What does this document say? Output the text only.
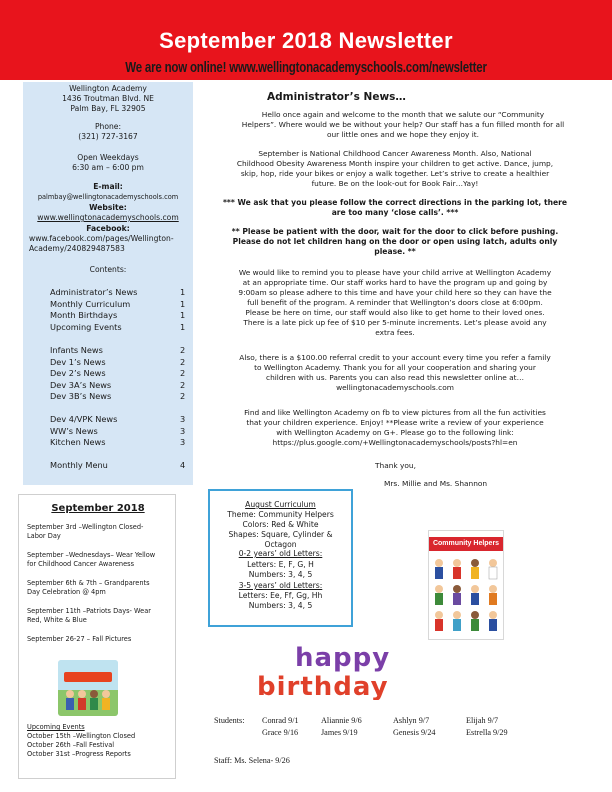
September 2018 Newsletter
We are now online! www.wellingtonacademyschools.com/newsletter
Wellington Academy
1436 Troutman Blvd. NE
Palm Bay, FL 32905
Phone:
(321) 727-3167
Open Weekdays
6:30 am – 6:00 pm
E-mail:
palmbay@wellingtonacademyschools.com
Website:
www.wellingtonacademyschools.com
Facebook:
www.facebook.com/pages/Wellington-
Academy/240829487583
Contents:
Administrator’s News	1
Monthly Curriculum	1
Month Birthdays	1
Upcoming Events	1
Infants News	2
Dev 1’s News	2
Dev 2’s News	2
Dev 3A’s News	2
Dev 3B’s News	2
Dev 4/VPK News	3
WW’s News	3
Kitchen News	3
Monthly Menu	4
September 2018
September 3rd –Wellington Closed-
Labor Day
September –Wednesdays– Wear Yellow
for Childhood Cancer Awareness
September 6th & 7th – Grandparents
Day Celebration @ 4pm
September 11th –Patriots Days- Wear
Red, White & Blue
September 26-27 – Fall Pictures
Upcoming Events
October 15th –Wellington Closed
October 26th –Fall Festival
October 31st –Progress Reports
Administrator’s News…
Hello once again and welcome to the month that we salute our “Community
Helpers”. Where would we be without your help? Our staff has a fun filled month for all
our little ones and we hope they enjoy it.
September is National Childhood Cancer Awareness Month. Also, National
Childhood Obesity Awareness Month inspire your children to get active. Dance, jump,
skip, hop, ride your bikes or enjoy a walk together. Let’s strive to create a healthier
future. Be on the look-out for Book Fair…Yay!
*** We ask that you please follow the correct directions in the parking lot, there
are too many ‘close calls’. ***
** Please be patient with the door, wait for the door to click before pushing.
Please do not let children hang on the door or open using latch, adults only
please. **
We would like to remind you to please have your child arrive at Wellington Academy
at an appropriate time. Our staff works hard to have the program up and going by
9:00am so please adhere to this time and have your child here so they can have the
full benefit of the program. A reminder that Wellington’s doors close at 6:00pm.
Please be here on time, our staff would also like to get home to their loved ones.
There is a late pick up fee of $10 per 5-minute increments. Let’s please avoid any
extra fees.
Also, there is a $100.00 referral credit to your account every time you refer a family
to Wellington Academy. Thank you for all your cooperation and sharing your
children with us. Parents you can also read this newsletter online at…
wellingtonacademyschools.com
Find and like Wellington Academy on fb to view pictures from all the fun activities
that your children experience. Enjoy! **Please write a review of your experience
with Wellington Academy on G+. Please go to the following link:
https://plus.google.com/+Wellingtonacademyschools/posts?hl=en
Thank you,
Mrs. Millie and Ms. Shannon
August Curriculum
Theme: Community Helpers
Colors: Red & White
Shapes: Square, Cylinder &
Octagon
0-2 years’ old Letters:
Letters: E, F, G, H
Numbers: 3, 4, 5
3-5 years’ old Letters:
Letters: Ee, Ff, Gg, Hh
Numbers: 3, 4, 5
Community Helpers
happy
birthday
Students: Conrad 9/1	Aliannie 9/6	Ashlyn 9/7	Elijah 9/7
Grace 9/16	James 9/19	Genesis 9/24	Estrella 9/29
Staff: Ms. Selena- 9/26
